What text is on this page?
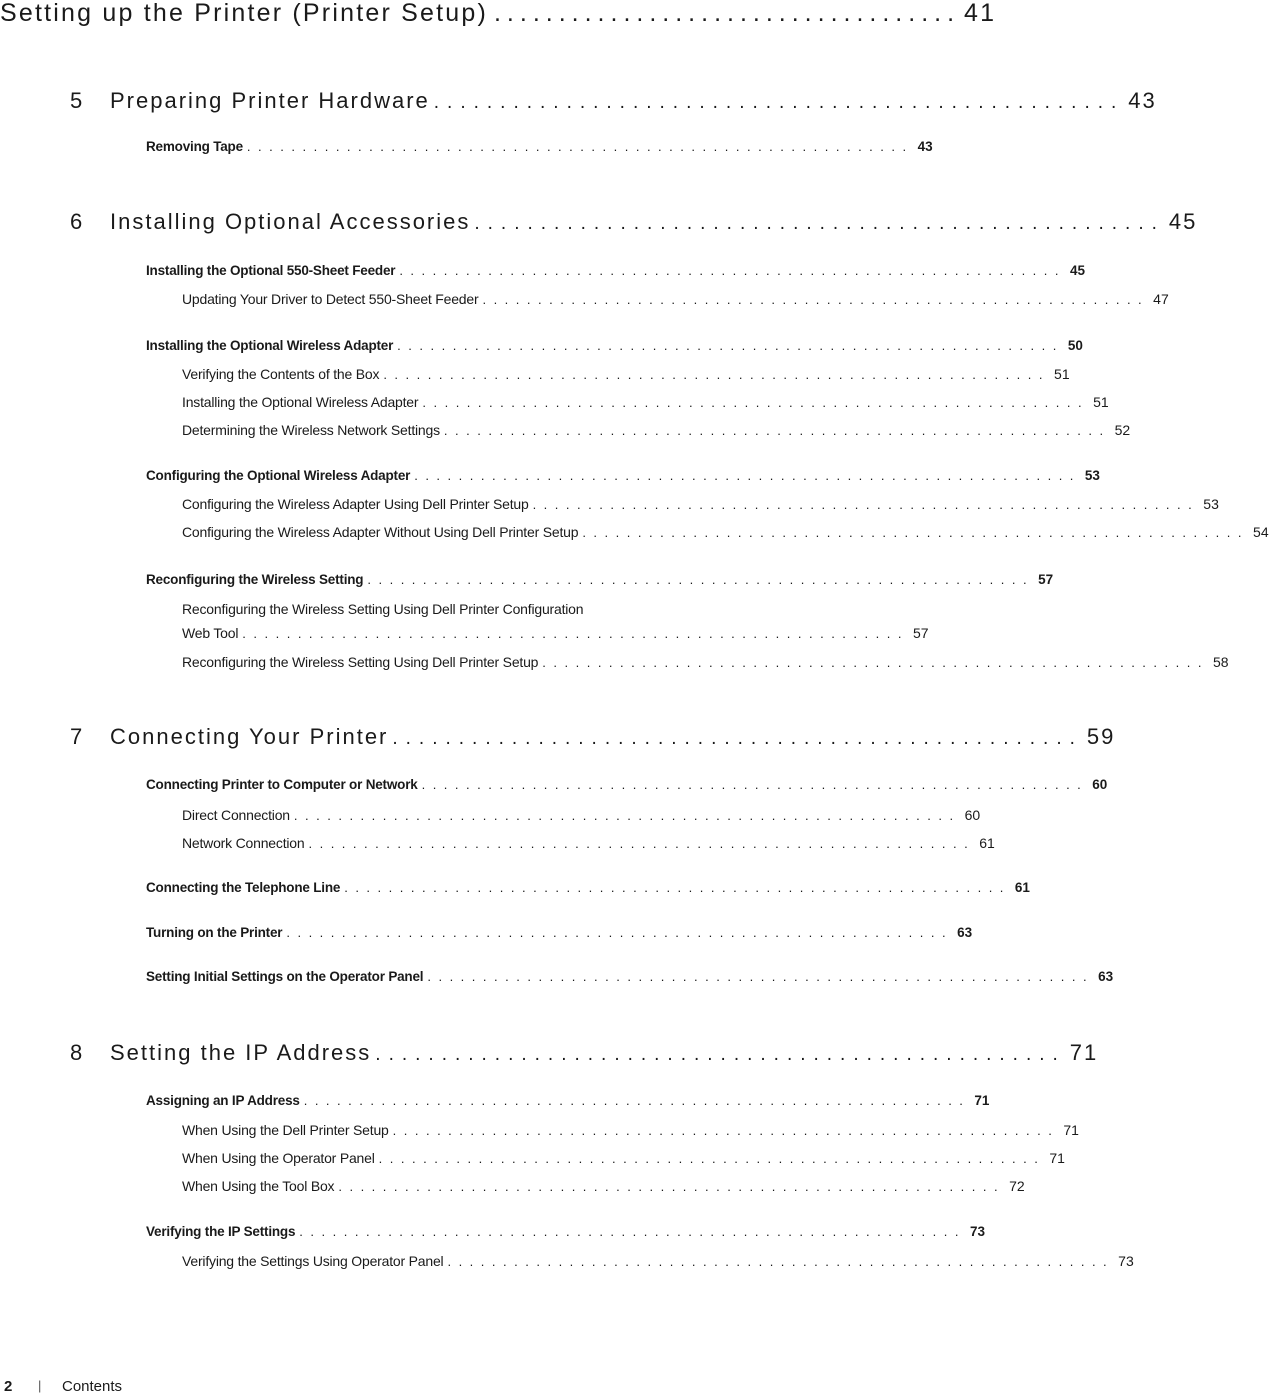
Setting up the Printer (Printer Setup) .................................... 41
5	Preparing Printer Hardware .................................................... 43
Removing Tape ............................................................ 43
6	Installing Optional Accessories .................................................... 45
Installing the Optional 550-Sheet Feeder ............................................................ 45
Updating Your Driver to Detect 550-Sheet Feeder ............................................................ 47
Installing the Optional Wireless Adapter ............................................................ 50
Verifying the Contents of the Box ............................................................ 51
Installing the Optional Wireless Adapter ............................................................ 51
Determining the Wireless Network Settings ............................................................ 52
Configuring the Optional Wireless Adapter ............................................................ 53
Configuring the Wireless Adapter Using Dell Printer Setup ............................................................ 53
Configuring the Wireless Adapter Without Using Dell Printer Setup ............................................................ 54
Reconfiguring the Wireless Setting ............................................................ 57
Reconfiguring the Wireless Setting Using Dell Printer Configuration
Web Tool ............................................................ 57
Reconfiguring the Wireless Setting Using Dell Printer Setup ............................................................ 58
7	Connecting Your Printer .................................................... 59
Connecting Printer to Computer or Network ............................................................ 60
Direct Connection ............................................................ 60
Network Connection ............................................................ 61
Connecting the Telephone Line ............................................................ 61
Turning on the Printer ............................................................ 63
Setting Initial Settings on the Operator Panel ............................................................ 63
8	Setting the IP Address .................................................... 71
Assigning an IP Address ............................................................ 71
When Using the Dell Printer Setup ............................................................ 71
When Using the Operator Panel ............................................................ 71
When Using the Tool Box ............................................................ 72
Verifying the IP Settings ............................................................ 73
Verifying the Settings Using Operator Panel ............................................................ 73
2 | Contents
